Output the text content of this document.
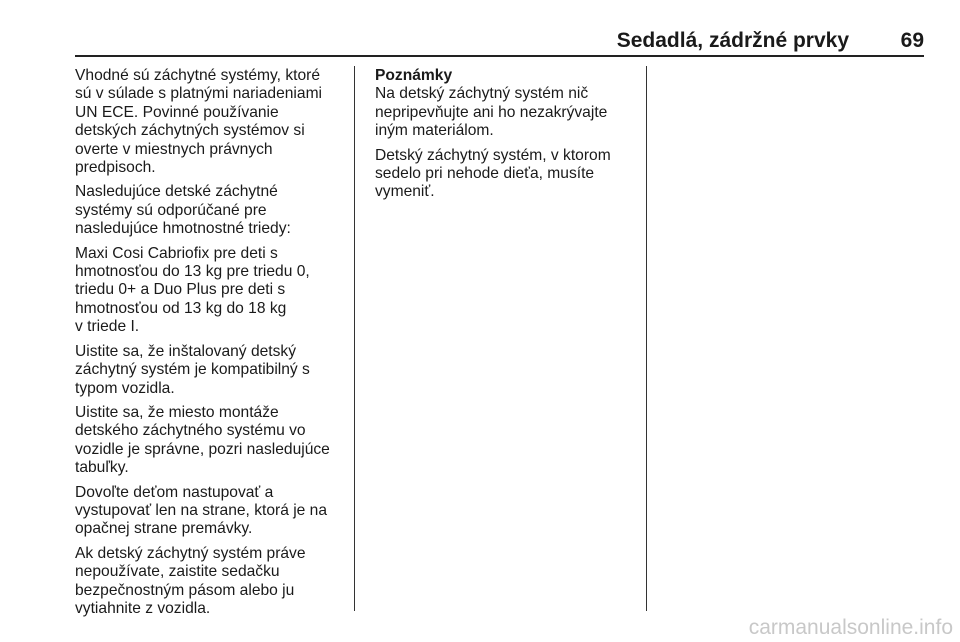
Sedadlá, zádržné prvky	69

Vhodné sú záchytné systémy, ktoré
sú v súlade s platnými nariadeniami
UN ECE. Povinné používanie
detských záchytných systémov si
overte v miestnych právnych
predpisoch.

Nasledujúce detské záchytné
systémy sú odporúčané pre
nasledujúce hmotnostné triedy:

Maxi Cosi Cabriofix pre deti s
hmotnosťou do 13 kg pre triedu 0,
triedu 0+ a Duo Plus pre deti s
hmotnosťou od 13 kg do 18 kg
v triede I.

Uistite sa, že inštalovaný detský
záchytný systém je kompatibilný s
typom vozidla.

Uistite sa, že miesto montáže
detského záchytného systému vo
vozidle je správne, pozri nasledujúce
tabuľky.

Dovoľte deťom nastupovať a
vystupovať len na strane, ktorá je na
opačnej strane premávky.

Ak detský záchytný systém práve
nepoužívate, zaistite sedačku
bezpečnostným pásom alebo ju
vytiahnite z vozidla.

Poznámky

Na detský záchytný systém nič
nepripevňujte ani ho nezakrývajte
iným materiálom.

Detský záchytný systém, v ktorom
sedelo pri nehode dieťa, musíte
vymeniť.

carmanualsonline.info
